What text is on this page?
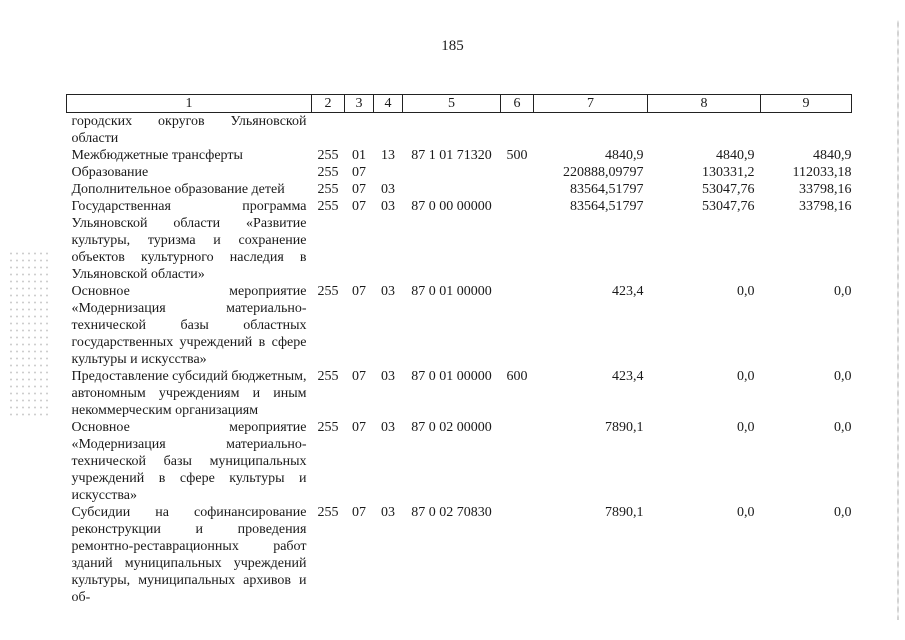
185
1	2	3	4	5	6	7	8	9
городских округов Ульяновской области								
Межбюджетные трансферты	255	01	13	87 1 01 71320	500	4840,9	4840,9	4840,9
Образование	255	07				220888,09797	130331,2	112033,18
Дополнительное образование детей	255	07	03			83564,51797	53047,76	33798,16
Государственная программа Ульяновской области «Развитие культуры, туризма и сохранение объектов культурного наследия в Ульяновской области»	255	07	03	87 0 00 00000		83564,51797	53047,76	33798,16
Основное мероприятие «Модернизация материально-технической базы областных государственных учреждений в сфере культуры и искусства»	255	07	03	87 0 01 00000		423,4	0,0	0,0
Предоставление субсидий бюджетным, автономным учреждениям и иным некоммерческим организациям	255	07	03	87 0 01 00000	600	423,4	0,0	0,0
Основное мероприятие «Модернизация материально-технической базы муниципальных учреждений в сфере культуры и искусства»	255	07	03	87 0 02 00000		7890,1	0,0	0,0
Субсидии на софинансирование реконструкции и проведения ремонтно-реставрационных работ зданий муниципальных учреждений культуры, муниципальных архивов и об-	255	07	03	87 0 02 70830		7890,1	0,0	0,0
